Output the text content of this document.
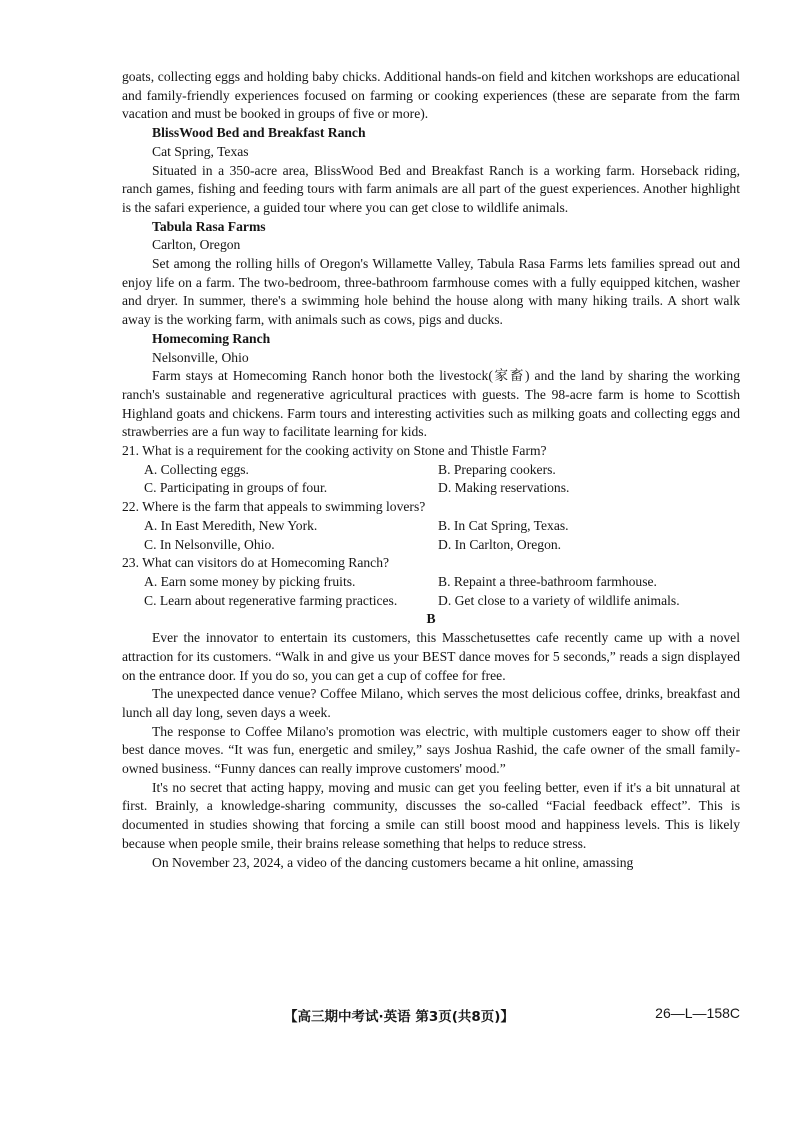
goats, collecting eggs and holding baby chicks. Additional hands-on field and kitchen workshops are educational and family-friendly experiences focused on farming or cooking experiences (these are separate from the farm vacation and must be booked in groups of five or more).

BlissWood Bed and Breakfast Ranch

Cat Spring, Texas

Situated in a 350-acre area, BlissWood Bed and Breakfast Ranch is a working farm. Horseback riding, ranch games, fishing and feeding tours with farm animals are all part of the guest experiences. Another highlight is the safari experience, a guided tour where you can get close to wildlife animals.

Tabula Rasa Farms

Carlton, Oregon

Set among the rolling hills of Oregon's Willamette Valley, Tabula Rasa Farms lets families spread out and enjoy life on a farm. The two-bedroom, three-bathroom farmhouse comes with a fully equipped kitchen, washer and dryer. In summer, there's a swimming hole behind the house along with many hiking trails. A short walk away is the working farm, with animals such as cows, pigs and ducks.

Homecoming Ranch

Nelsonville, Ohio

Farm stays at Homecoming Ranch honor both the livestock(家畜) and the land by sharing the working ranch's sustainable and regenerative agricultural practices with guests. The 98-acre farm is home to Scottish Highland goats and chickens. Farm tours and interesting activities such as milking goats and collecting eggs and strawberries are a fun way to facilitate learning for kids.

21. What is a requirement for the cooking activity on Stone and Thistle Farm?

A. Collecting eggs.	B. Preparing cookers.
C. Participating in groups of four.	D. Making reservations.

22. Where is the farm that appeals to swimming lovers?

A. In East Meredith, New York.	B. In Cat Spring, Texas.
C. In Nelsonville, Ohio.	D. In Carlton, Oregon.

23. What can visitors do at Homecoming Ranch?

A. Earn some money by picking fruits.	B. Repaint a three-bathroom farmhouse.
C. Learn about regenerative farming practices.	D. Get close to a variety of wildlife animals.

B

Ever the innovator to entertain its customers, this Masschetusettes cafe recently came up with a novel attraction for its customers. “Walk in and give us your BEST dance moves for 5 seconds,” reads a sign displayed on the entrance door. If you do so, you can get a cup of coffee for free.

The unexpected dance venue? Coffee Milano, which serves the most delicious coffee, drinks, breakfast and lunch all day long, seven days a week.

The response to Coffee Milano's promotion was electric, with multiple customers eager to show off their best dance moves. “It was fun, energetic and smiley,” says Joshua Rashid, the cafe owner of the small family-owned business. “Funny dances can really improve customers' mood.”

It's no secret that acting happy, moving and music can get you feeling better, even if it's a bit unnatural at first. Brainly, a knowledge-sharing community, discusses the so-called “Facial feedback effect”. This is documented in studies showing that forcing a smile can still boost mood and happiness levels. This is likely because when people smile, their brains release something that helps to reduce stress.

On November 23, 2024, a video of the dancing customers became a hit online, amassing

【高三期中考试·英语 第3页(共8页)】	26—L—158C
